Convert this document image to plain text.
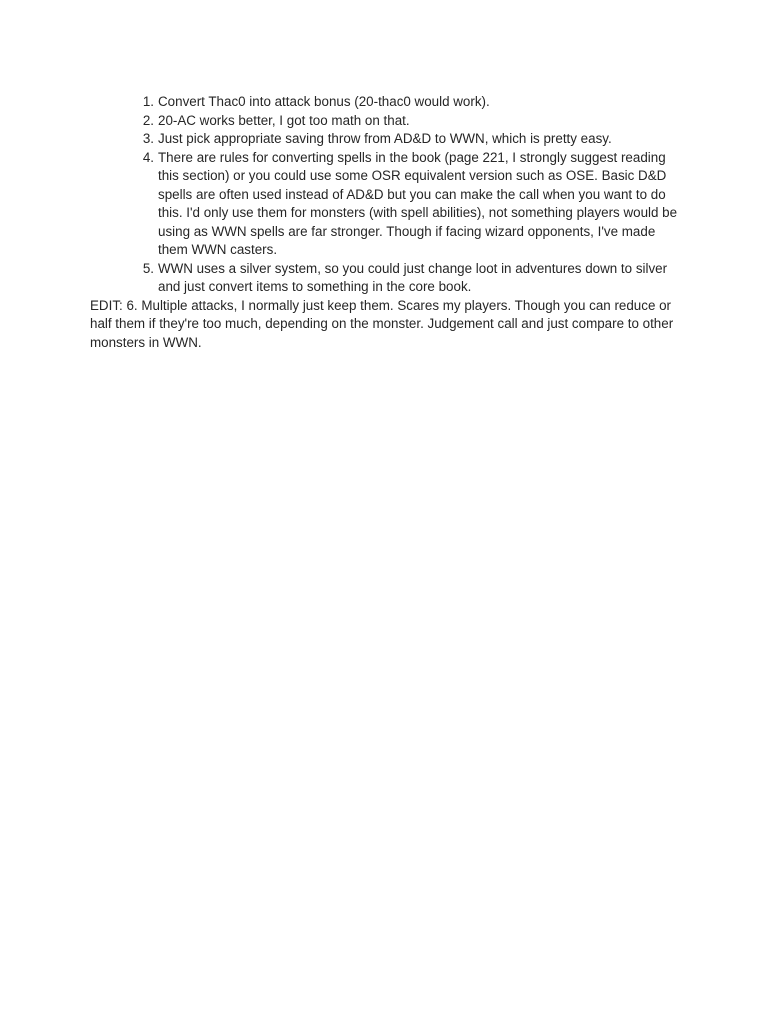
1. Convert Thac0 into attack bonus (20-thac0 would work).
2. 20-AC works better, I got too math on that.
3. Just pick appropriate saving throw from AD&D to WWN, which is pretty easy.
4. There are rules for converting spells in the book (page 221, I strongly suggest reading this section) or you could use some OSR equivalent version such as OSE. Basic D&D spells are often used instead of AD&D but you can make the call when you want to do this. I'd only use them for monsters (with spell abilities), not something players would be using as WWN spells are far stronger. Though if facing wizard opponents, I've made them WWN casters.
5. WWN uses a silver system, so you could just change loot in adventures down to silver and just convert items to something in the core book.

EDIT: 6. Multiple attacks, I normally just keep them. Scares my players. Though you can reduce or half them if they're too much, depending on the monster. Judgement call and just compare to other monsters in WWN.
